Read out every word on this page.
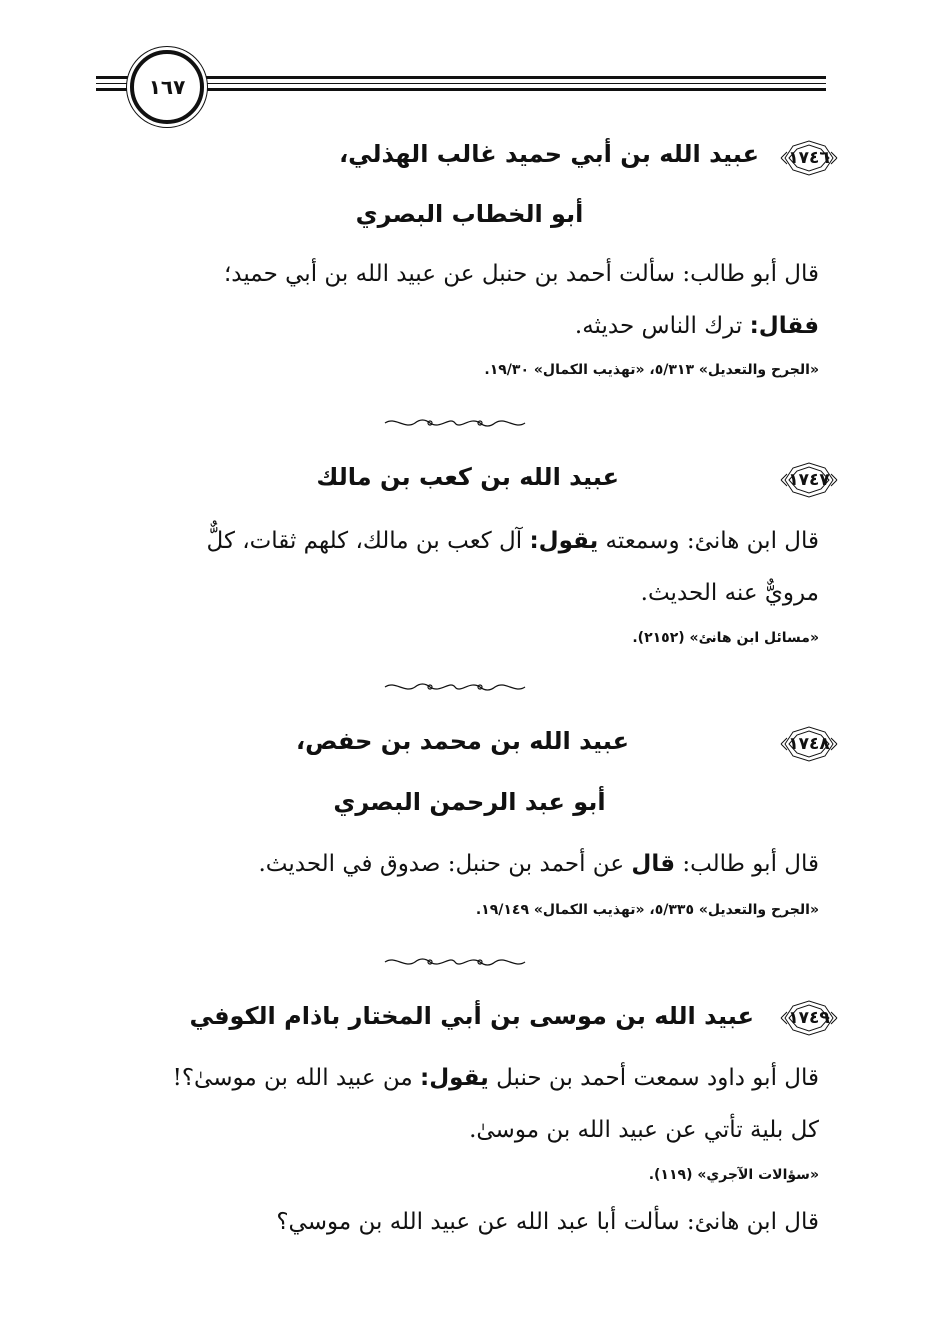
١٦٧
١٧٤٦
عبيد الله بن أبي حميد غالب الهذلي،
أبو الخطاب البصري
قال أبو طالب: سألت أحمد بن حنبل عن عبيد الله بن أبي حميد؛
فقال: ترك الناس حديثه.
«الجرح والتعديل» ٥/٣١٣، «تهذيب الكمال» ١٩/٣٠.
١٧٤٧
عبيد الله بن كعب بن مالك
قال ابن هانئ: وسمعته يقول: آل كعب بن مالك، كلهم ثقات، كلٌّ
مرويٌّ عنه الحديث.
«مسائل ابن هانئ» (٢١٥٢).
١٧٤٨
عبيد الله بن محمد بن حفص،
أبو عبد الرحمن البصري
قال أبو طالب: قال عن أحمد بن حنبل: صدوق في الحديث.
«الجرح والتعديل» ٥/٣٣٥، «تهذيب الكمال» ١٩/١٤٩.
١٧٤٩
عبيد الله بن موسى بن أبي المختار باذام الكوفي
قال أبو داود سمعت أحمد بن حنبل يقول: من عبيد الله بن موسىٰ؟!
كل بلية تأتي عن عبيد الله بن موسىٰ.
«سؤالات الآجري» (١١٩).
قال ابن هانئ: سألت أبا عبد الله عن عبيد الله بن موسي؟
